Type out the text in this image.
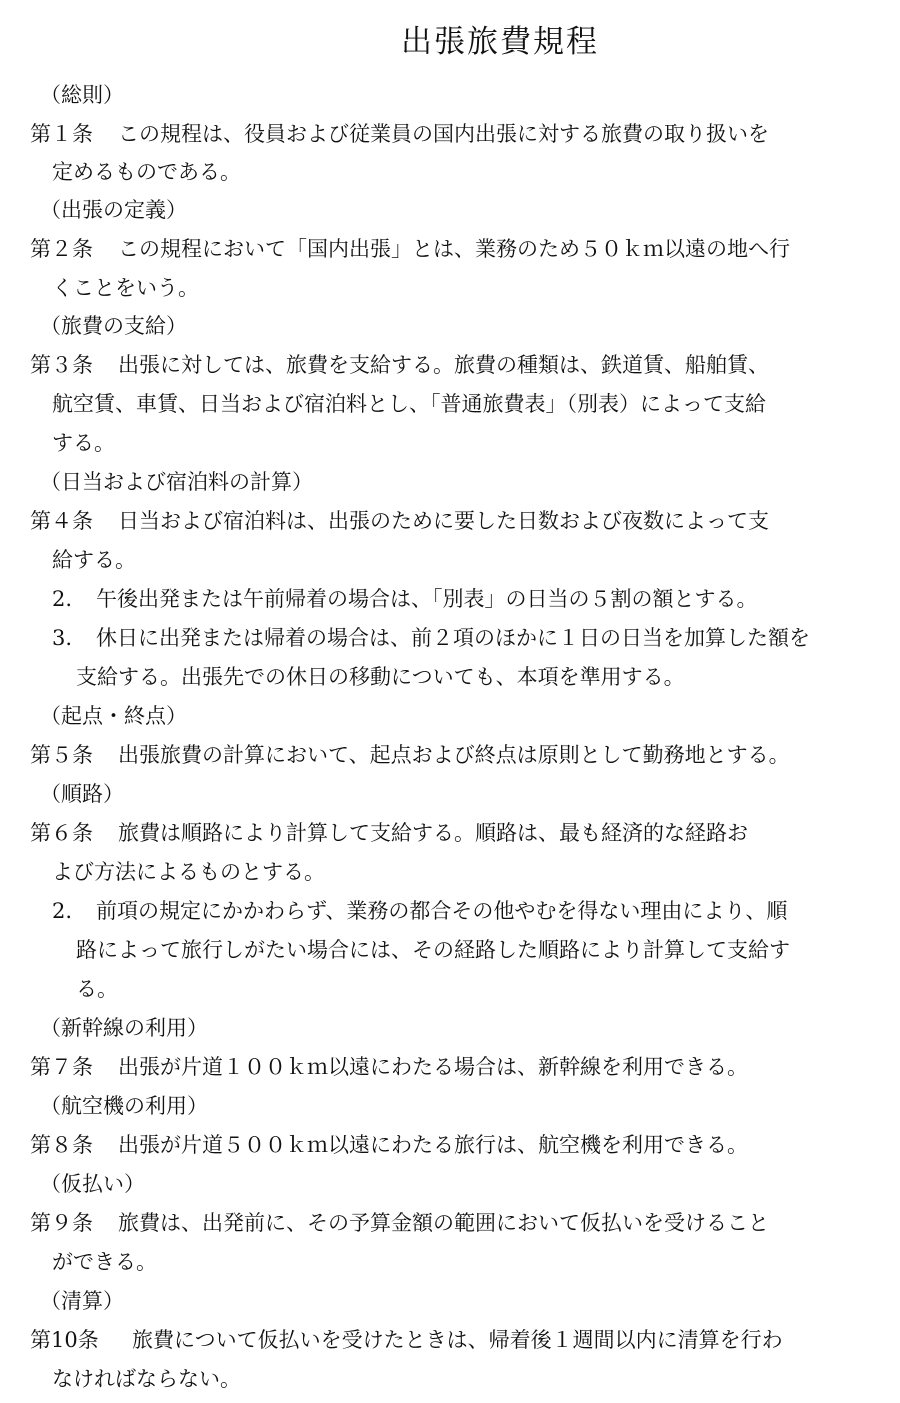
出張旅費規程
（総則）
第１条 この規程は、役員および従業員の国内出張に対する旅費の取り扱いを
定めるものである。
（出張の定義）
第２条 この規程において「国内出張」とは、業務のため５０ｋｍ以遠の地へ行
くことをいう。
（旅費の支給）
第３条 出張に対しては、旅費を支給する。旅費の種類は、鉄道賃、船舶賃、
航空賃、車賃、日当および宿泊料とし、「普通旅費表」（別表）によって支給
する。
（日当および宿泊料の計算）
第４条 日当および宿泊料は、出張のために要した日数および夜数によって支
給する。
2. 午後出発または午前帰着の場合は、「別表」の日当の５割の額とする。
3. 休日に出発または帰着の場合は、前２項のほかに１日の日当を加算した額を
支給する。出張先での休日の移動についても、本項を準用する。
（起点・終点）
第５条 出張旅費の計算において、起点および終点は原則として勤務地とする。
（順路）
第６条 旅費は順路により計算して支給する。順路は、最も経済的な経路お
よび方法によるものとする。
2. 前項の規定にかかわらず、業務の都合その他やむを得ない理由により、順
路によって旅行しがたい場合には、その経路した順路により計算して支給す
る。
（新幹線の利用）
第７条 出張が片道１００ｋｍ以遠にわたる場合は、新幹線を利用できる。
（航空機の利用）
第８条 出張が片道５００ｋｍ以遠にわたる旅行は、航空機を利用できる。
（仮払い）
第９条 旅費は、出発前に、その予算金額の範囲において仮払いを受けること
ができる。
（清算）
第10条 旅費について仮払いを受けたときは、帰着後１週間以内に清算を行わ
なければならない。
